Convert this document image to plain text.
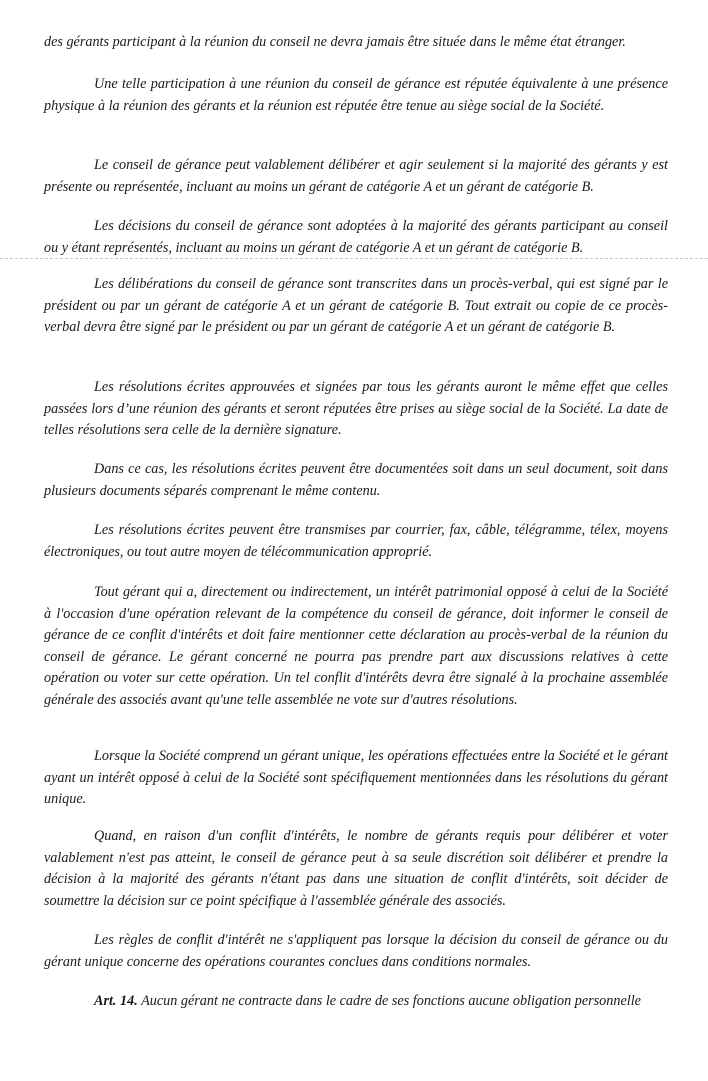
des gérants participant à la réunion du conseil ne devra jamais être située dans le même état étranger.

Une telle participation à une réunion du conseil de gérance est réputée équivalente à une présence physique à la réunion des gérants et la réunion est réputée être tenue au siège social de la Société.

Le conseil de gérance peut valablement délibérer et agir seulement si la majorité des gérants y est présente ou représentée, incluant au moins un gérant de catégorie A et un gérant de catégorie B.

Les décisions du conseil de gérance sont adoptées à la majorité des gérants participant au conseil ou y étant représentés, incluant au moins un gérant de catégorie A et un gérant de catégorie B.

Les délibérations du conseil de gérance sont transcrites dans un procès-verbal, qui est signé par le président ou par un gérant de catégorie A et un gérant de catégorie B. Tout extrait ou copie de ce procès-verbal devra être signé par le président ou par un gérant de catégorie A et un gérant de catégorie B.

Les résolutions écrites approuvées et signées par tous les gérants auront le même effet que celles passées lors d’une réunion des gérants et seront réputées être prises au siège social de la Société. La date de telles résolutions sera celle de la dernière signature.

Dans ce cas, les résolutions écrites peuvent être documentées soit dans un seul document, soit dans plusieurs documents séparés comprenant le même contenu.

Les résolutions écrites peuvent être transmises par courrier, fax, câble, télégramme, télex, moyens électroniques, ou tout autre moyen de télécommunication approprié.

Tout gérant qui a, directement ou indirectement, un intérêt patrimonial opposé à celui de la Société à l'occasion d'une opération relevant de la compétence du conseil de gérance, doit informer le conseil de gérance de ce conflit d'intérêts et doit faire mentionner cette déclaration au procès-verbal de la réunion du conseil de gérance. Le gérant concerné ne pourra pas prendre part aux discussions relatives à cette opération ou voter sur cette opération. Un tel conflit d'intérêts devra être signalé à la prochaine assemblée générale des associés avant qu'une telle assemblée ne vote sur d'autres résolutions.

Lorsque la Société comprend un gérant unique, les opérations effectuées entre la Société et le gérant ayant un intérêt opposé à celui de la Société sont spécifiquement mentionnées dans les résolutions du gérant unique.

Quand, en raison d'un conflit d'intérêts, le nombre de gérants requis pour délibérer et voter valablement n'est pas atteint, le conseil de gérance peut à sa seule discrétion soit délibérer et prendre la décision à la majorité des gérants n'étant pas dans une situation de conflit d'intérêts, soit décider de soumettre la décision sur ce point spécifique à l'assemblée générale des associés.

Les règles de conflit d'intérêt ne s'appliquent pas lorsque la décision du conseil de gérance ou du gérant unique concerne des opérations courantes conclues dans conditions normales.

Art. 14. Aucun gérant ne contracte dans le cadre de ses fonctions aucune obligation personnelle
